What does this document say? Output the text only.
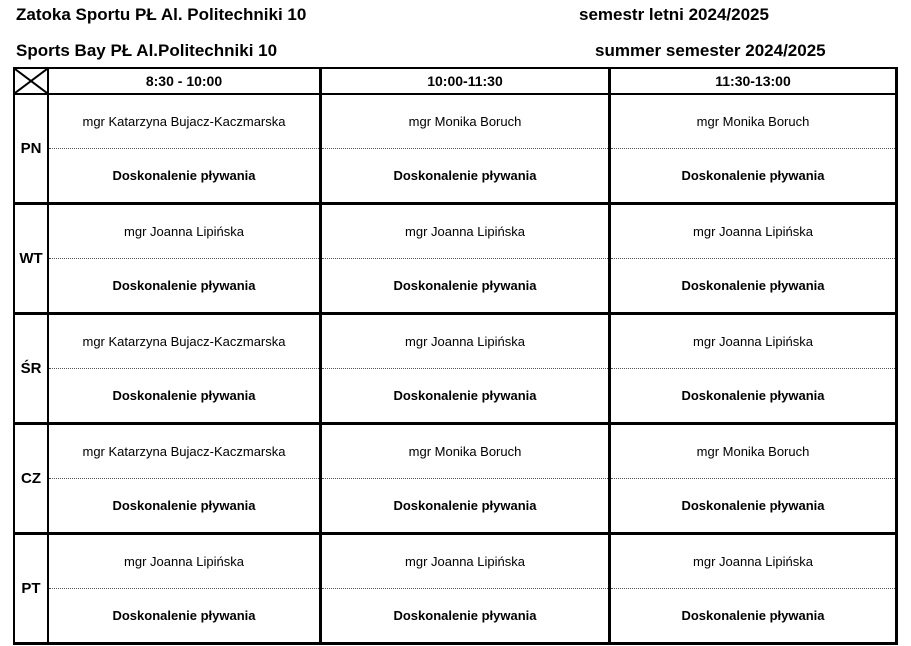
Zatoka Sportu PŁ Al. Politechniki 10	semestr letni 2024/2025
Sports Bay PŁ Al.Politechniki 10	summer semester 2024/2025
	8:30 - 10:00	10:00-11:30	11:30-13:00
PN	mgr Katarzyna Bujacz-Kaczmarska	mgr Monika Boruch	mgr Monika Boruch
	Doskonalenie pływania	Doskonalenie pływania	Doskonalenie pływania
WT	mgr Joanna Lipińska	mgr Joanna Lipińska	mgr Joanna Lipińska
	Doskonalenie pływania	Doskonalenie pływania	Doskonalenie pływania
ŚR	mgr Katarzyna Bujacz-Kaczmarska	mgr Joanna Lipińska	mgr Joanna Lipińska
	Doskonalenie pływania	Doskonalenie pływania	Doskonalenie pływania
CZ	mgr Katarzyna Bujacz-Kaczmarska	mgr Monika Boruch	mgr Monika Boruch
	Doskonalenie pływania	Doskonalenie pływania	Doskonalenie pływania
PT	mgr Joanna Lipińska	mgr Joanna Lipińska	mgr Joanna Lipińska
	Doskonalenie pływania	Doskonalenie pływania	Doskonalenie pływania
